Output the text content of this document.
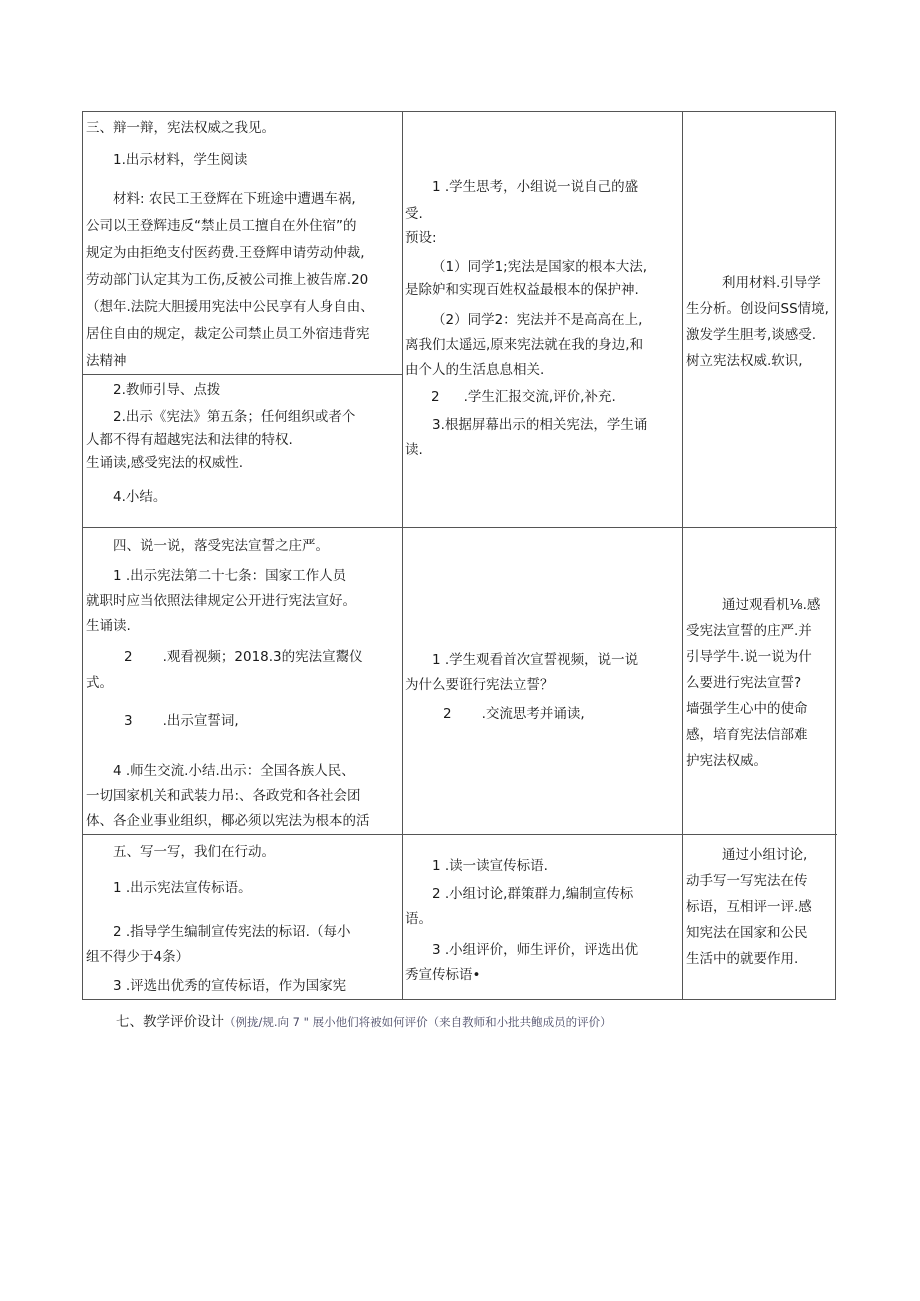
三、辩一辩，宪法权威之我见。

1.出示材料，学生阅读

材料: 农民工王登辉在下班途中遭遇车祸,

公司以王登辉违反“禁止员工擅自在外住宿”的

规定为由拒绝支付医药费.王登辉申请劳动仲裁,

劳动部门认定其为工伤,反被公司推上被告席.20

（想年.法院大胆援用宪法中公民享有人身自由、

居住自由的规定，裁定公司禁止员工外宿违背宪

法精神

2.教师引导、点拨

2.出示《宪法》第五条；任何组织或者个

人都不得有超越宪法和法律的特权.

生诵读,感受宪法的权威性.

4.小结。

1 .学生思考，小组说一说自己的盛

受.

预设:

（1）同学1;宪法是国家的根本大法,

是除妒和实现百姓权益最根本的保护神.

（2）同学2：宪法并不是高高在上,

离我们太遥远,原来宪法就在我的身边,和

由个人的生活息息相关.

2 .学生汇报交流,评价,补充.

3.根据屏幕出示的相关宪法，学生诵

读.

利用材料.引导学

生分析。创设问SS情境,

激发学生胆考,谈感受.

树立宪法权威.软识,

四、说一说，落受宪法宣誓之庄严。

1 .出示宪法第二十七条：国家工作人员

就职时应当依照法律规定公开进行宪法宣好。

生诵读.

2 .观看视频；2018.3的宪法宣鬻仪

式。

3 .出示宣誓词,

4 .师生交流.小结.出示：全国各族人民、

一切国家机关和武装力吊:、各政党和各社会团

体、各企业事业组织，椰必须以宪法为根本的活

1 .学生观看首次宣誓视频，说一说

为什么要诳行宪法立誓？

2 .交流思考并诵读,

通过观看机⅛.感

受宪法宣誓的庄严.并

引导学牛.说一说为什

么要进行宪法宣誓?

墙强学生心中的使命

感，培育宪法信部难

护宪法权威。

五、写一写，我们在行动。

1 .出示宪法宣传标语。

2 .指导学生编制宣传宪法的标诏.（每小

组不得少于4条）

3 .评选出优秀的宣传标语，作为国家宪

1 .读一读宣传标语.

2 .小组讨论,群策群力,编制宣传标

语。

3 .小组评价，师生评价，评选出优

秀宣传标语•

通过小组讨论,

动手写一写宪法在传

标语，互相评一评.感

知宪法在国家和公民

生活中的就要作用.

七、教学评价设计（例拢/规.向 7 " 展小他们将被如何评价（来自教师和小批共鲍成员的评价）
